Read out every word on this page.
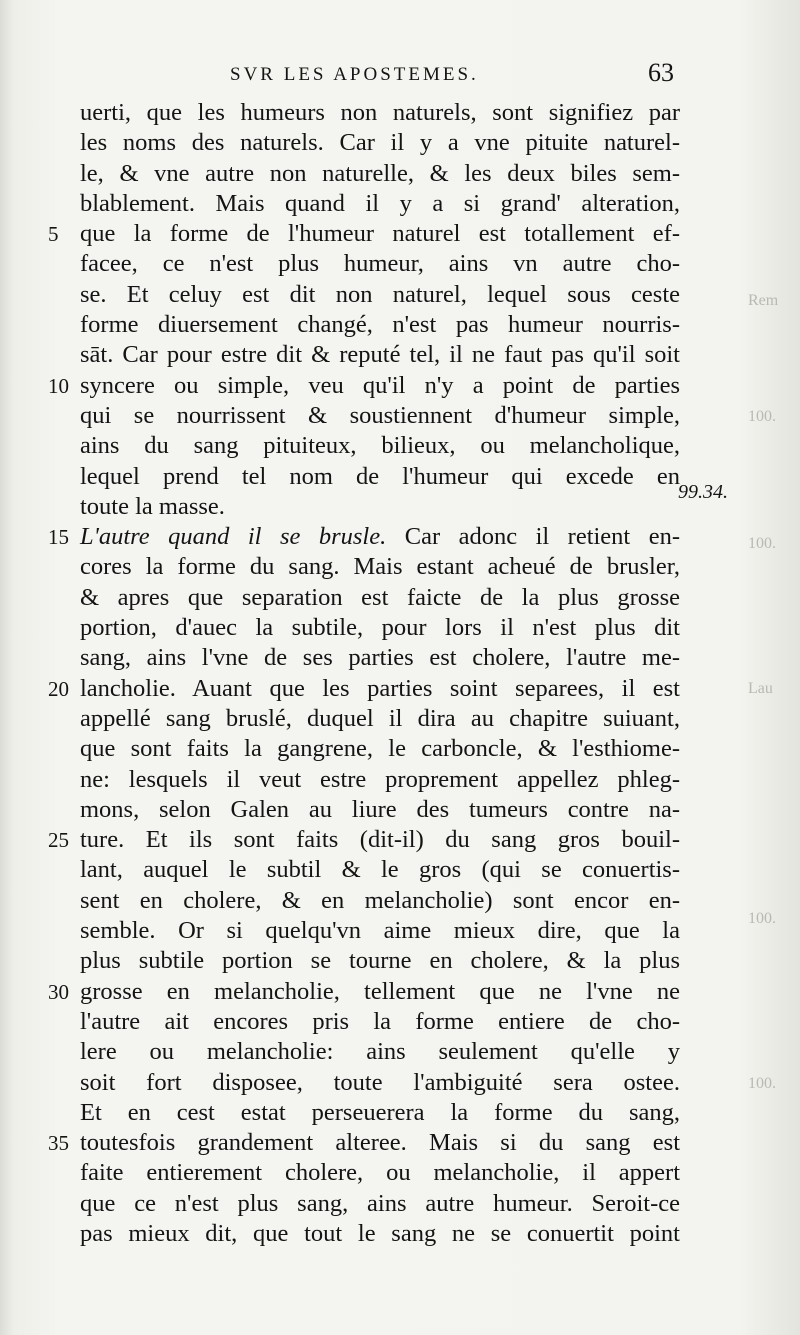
SVR LES APOSTEMES.	63
uerti, que les humeurs non naturels, sont signifiez par
les noms des naturels. Car il y a vne pituite naturel-
le, & vne autre non naturelle, & les deux biles sem-
blablement. Mais quand il y a si grand' alteration,
5 que la forme de l'humeur naturel est totallement ef-
facee, ce n'est plus humeur, ains vn autre cho-
se. Et celuy est dit non naturel, lequel sous ceste
forme diuersement changé, n'est pas humeur nourris-
sāt. Car pour estre dit & reputé tel, il ne faut pas qu'il soit
10 syncere ou simple, veu qu'il n'y a point de parties
qui se nourrissent & soustiennent d'humeur simple,
ains du sang pituiteux, bilieux, ou melancholique,
lequel prend tel nom de l'humeur qui excede en
toute la masse.
15 L'autre quand il se brusle. Car adonc il retient en-
cores la forme du sang. Mais estant acheué de brusler,
& apres que separation est faicte de la plus grosse
portion, d'auec la subtile, pour lors il n'est plus dit
sang, ains l'vne de ses parties est cholere, l'autre me-
20 lancholie. Auant que les parties soint separees, il est
appellé sang bruslé, duquel il dira au chapitre suiuant,
que sont faits la gangrene, le carboncle, & l'esthiome-
ne: lesquels il veut estre proprement appellez phleg-
mons, selon Galen au liure des tumeurs contre na-
25 ture. Et ils sont faits (dit-il) du sang gros bouil-
lant, auquel le subtil & le gros (qui se conuertis-
sent en cholere, & en melancholie) sont encor en-
semble. Or si quelqu'vn aime mieux dire, que la
plus subtile portion se tourne en cholere, & la plus
30 grosse en melancholie, tellement que ne l'vne ne
l'autre ait encores pris la forme entiere de cho-
lere ou melancholie: ains seulement qu'elle y
soit fort disposee, toute l'ambiguité sera ostee.
Et en cest estat perseuerera la forme du sang,
35 toutesfois grandement alteree. Mais si du sang est
faite entierement cholere, ou melancholie, il appert
que ce n'est plus sang, ains autre humeur. Seroit-ce
pas mieux dit, que tout le sang ne se conuertit point
99.34.
Rem
100.
100.
Lau
100.
100.
